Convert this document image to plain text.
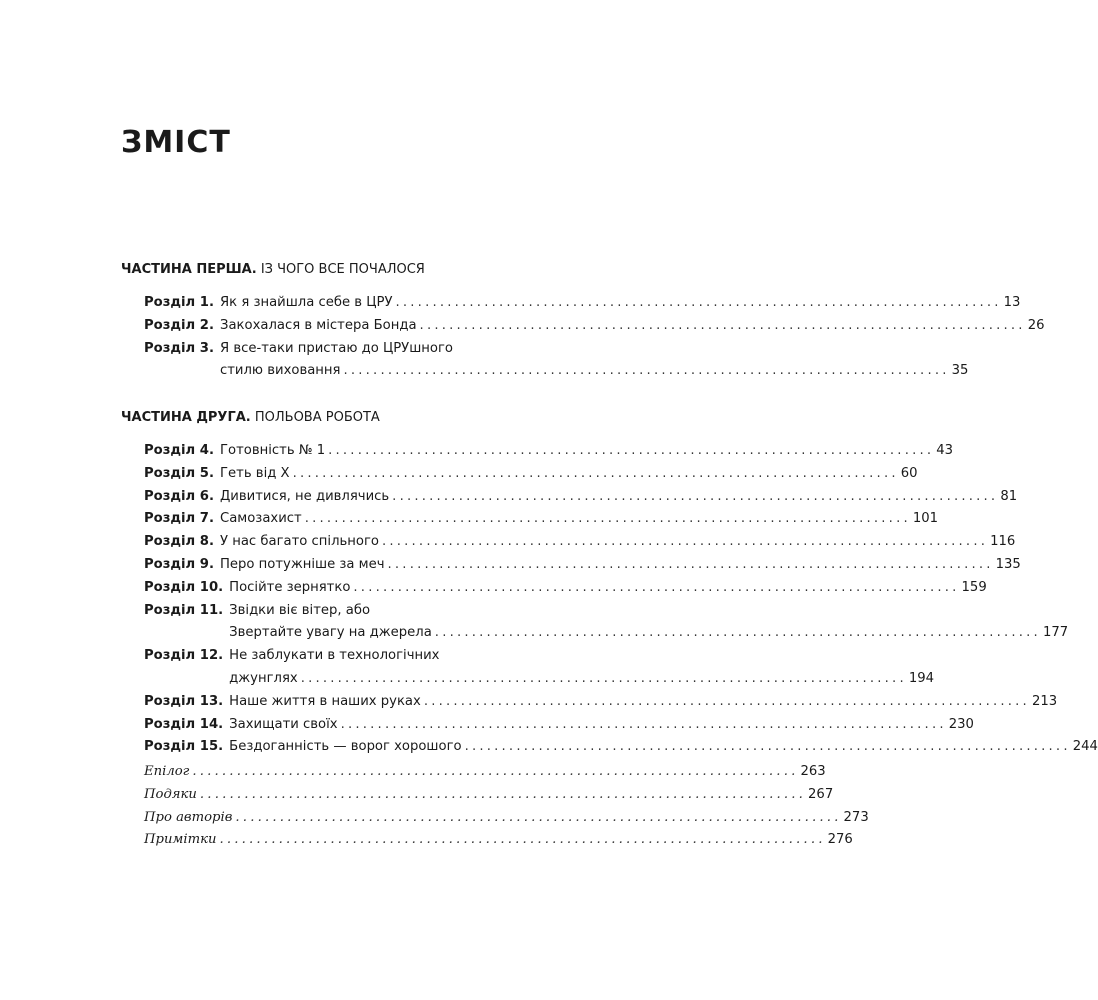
ЗМІСТ
ЧАСТИНА ПЕРША. ІЗ ЧОГО ВСЕ ПОЧАЛОСЯ
Розділ 1. Як я знайшла себе в ЦРУ .................................................................................. 13
Розділ 2. Закохалася в містера Бонда .................................................................................. 26
Розділ 3. Я все-таки пристаю до ЦРУшного
стилю виховання .................................................................................. 35
ЧАСТИНА ДРУГА. ПОЛЬОВА РОБОТА
Розділ 4. Готовність № 1 .................................................................................. 43
Розділ 5. Геть від Х .................................................................................. 60
Розділ 6. Дивитися, не дивлячись .................................................................................. 81
Розділ 7. Самозахист .................................................................................. 101
Розділ 8. У нас багато спільного .................................................................................. 116
Розділ 9. Перо потужніше за меч .................................................................................. 135
Розділ 10. Посійте зернятко .................................................................................. 159
Розділ 11. Звідки віє вітер, або
Звертайте увагу на джерела .................................................................................. 177
Розділ 12. Не заблукати в технологічних
джунглях .................................................................................. 194
Розділ 13. Наше життя в наших руках .................................................................................. 213
Розділ 14. Захищати своїх .................................................................................. 230
Розділ 15. Бездоганність — ворог хорошого .................................................................................. 244
Епілог .................................................................................. 263
Подяки .................................................................................. 267
Про авторів .................................................................................. 273
Примітки .................................................................................. 276
